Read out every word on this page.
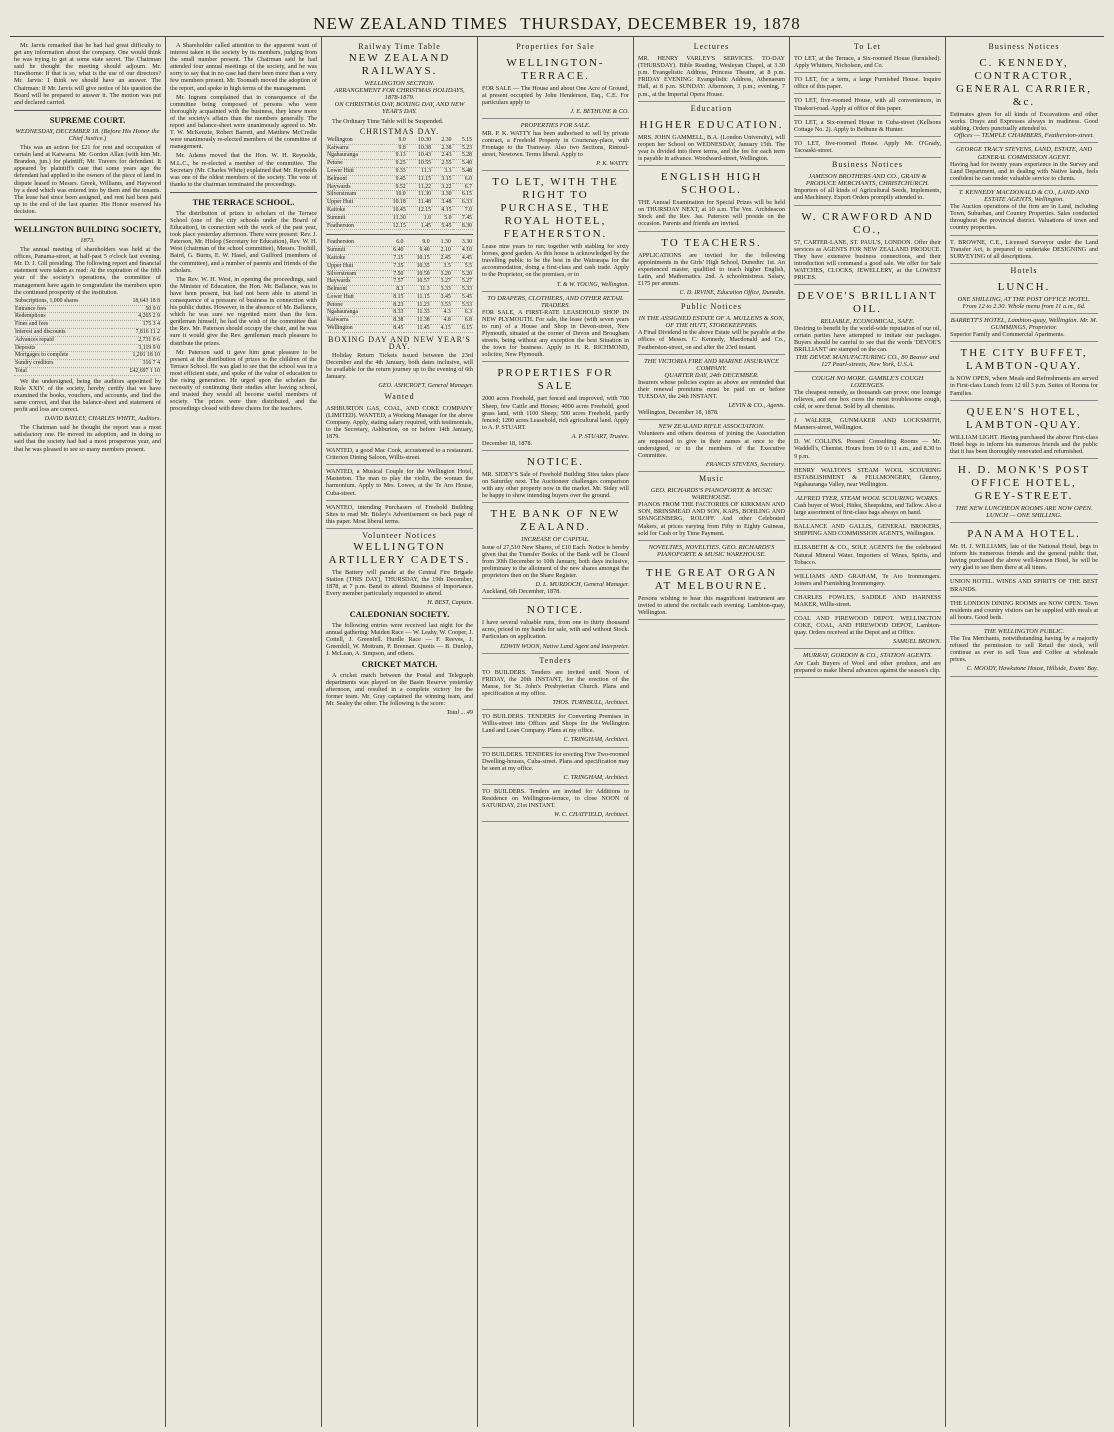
NEW ZEALAND TIMES THURSDAY, DECEMBER 19, 1878
Mr. Jarvis remarked that he had had great difficulty to get any information about the company. One would think he was trying to get at some state secret. The Chairman said he thought the meeting should adjourn. Mr. Hawthorne: If that is so, what is the use of our directors? Mr. Jarvis: I think we should have an answer. The Chairman: If Mr. Jarvis will give notice of his question the Board will be prepared to answer it. The motion was put and declared carried.
SUPREME COURT.
WEDNESDAY, DECEMBER 18. (Before His Honor the Chief Justice.)
This was an action for £21 for rent and occupation of certain land at Kaiwarra. Mr. Gordon Allan (with him Mr. Brandon, jun.) for plaintiff; Mr. Travers for defendant. It appeared by plaintiff's case that some years ago the defendant had applied to the owners of the piece of land in dispute leased to Messrs. Greek, Williams, and Haywood by a deed which was entered into by them and the tenants. The lease had since been assigned, and rent had been paid up to the end of the last quarter. His Honor reserved his decision.
WELLINGTON BUILDING SOCIETY,
1873.
The annual meeting of shareholders was held at the offices, Panama-street, at half-past 5 o'clock last evening. Mr. D. J. Gill presiding. The following report and financial statement were taken as read: At the expiration of the fifth year of the society's operations, the committee of management have again to congratulate the members upon the continued prosperity of the institution.
Subscriptions, 1,000 shares	18,643 18 8
Entrance fees	50 0 0
Redemptions	4,265 2 9
Fines and fees	175 3 4
Interest and discounts	7,816 11 2
Advances repaid	2,731 0 6
Deposits	3,119 9 0
Mortgages to complete	1,201 18 10
Sundry creditors	316 7 4
Total	£42,697 1 10
We the undersigned, being the auditors appointed by Rule XXIV. of the society, hereby certify that we have examined the books, vouchers, and accounts, and find the same correct, and that the balance-sheet and statement of profit and loss are correct.
DAVID BAYLEY, CHARLES WHITE, Auditors.
The Chairman said he thought the report was a most satisfactory one. He moved its adoption, and in doing so said that the society had had a most prosperous year, and that he was pleased to see so many members present.
A Shareholder called attention to the apparent want of interest taken in the society by its members, judging from the small number present. The Chairman said he had attended four annual meetings of the society, and he was sorry to say that in no case had there been more than a very few members present. Mr. Toomath moved the adoption of the report, and spoke in high terms of the management.
Mr. Ingram complained that in consequence of the committee being composed of persons who were thoroughly acquainted with the business, they knew more of the society's affairs than the members generally. The report and balance-sheet were unanimously agreed to. Mr. T. W. McKenzie, Robert Barrett, and Matthew McCredie were unanimously re-elected members of the committee of management.
Mr. Adams moved that the Hon. W. H. Reynolds, M.L.C., be re-elected a member of the committee. The Secretary (Mr. Charles White) explained that Mr. Reynolds was one of the oldest members of the society. The vote of thanks to the chairman terminated the proceedings.
THE TERRACE SCHOOL.
The distribution of prizes to scholars of the Terrace School (one of the city schools under the Board of Education), in connection with the work of the past year, took place yesterday afternoon. There were present: Rev. J. Paterson, Mr. Hislop (Secretary for Education), Rev. W. H. West (chairman of the school committee), Messrs. Toohill, Baird, G. Burns, E. W. Hasel, and Guilford (members of the committee), and a number of parents and friends of the scholars.
The Rev. W. H. West, in opening the proceedings, said the Minister of Education, the Hon. Mr. Ballance, was to have been present, but had not been able to attend in consequence of a pressure of business in connection with his public duties. However, in the absence of Mr. Ballance, which he was sure we regretted more than the hon. gentleman himself, he had the wish of the committee that the Rev. Mr. Paterson should occupy the chair, and he was sure it would give the Rev. gentleman much pleasure to distribute the prizes.
Mr. Paterson said it gave him great pleasure to be present at the distribution of prizes to the children of the Terrace School. He was glad to see that the school was in a most efficient state, and spoke of the value of education to the rising generation. He urged upon the scholars the necessity of continuing their studies after leaving school, and trusted they would all become useful members of society. The prizes were then distributed, and the proceedings closed with three cheers for the teachers.
Railway Time Table
NEW ZEALAND RAILWAYS.
WELLINGTON SECTION.
ARRANGEMENT FOR CHRISTMAS HOLIDAYS, 1878-1879.
ON CHRISTMAS DAY, BOXING DAY, AND NEW YEAR'S DAY.
The Ordinary Time Table will be Suspended.
CHRISTMAS DAY.
Wellington	9.0	10.30	2.30	5.15
Kaiwarra	9.8	10.38	2.38	5.23
Ngahauranga	9.13	10.43	2.43	5.28
Petone	9.25	10.55	2.55	5.40
Lower Hutt	9.33	11.3	3.3	5.48
Belmont	9.45	11.15	3.15	6.0
Haywards	9.52	11.22	3.22	6.7
Silverstream	10.0	11.30	3.30	6.15
Upper Hutt	10.18	11.48	3.48	6.33
Kaitoke	10.45	12.15	4.15	7.0
Summit	11.30	1.0	5.0	7.45
Featherston	12.15	1.45	5.45	8.30
Featherston	6.0	9.0	1.30	3.30
Summit	6.40	9.40	2.10	4.10
Kaitoke	7.15	10.15	2.45	4.45
Upper Hutt	7.35	10.35	3.5	5.5
Silverstream	7.50	10.50	3.20	5.20
Haywards	7.57	10.57	3.27	5.27
Belmont	8.3	11.3	3.33	5.33
Lower Hutt	8.15	11.15	3.45	5.45
Petone	8.23	11.23	3.53	5.53
Ngahauranga	8.33	11.33	4.3	6.3
Kaiwarra	8.38	11.38	4.8	6.8
Wellington	8.45	11.45	4.15	6.15
BOXING DAY AND NEW YEAR'S DAY.
Holiday Return Tickets issued between the 23rd December and the 4th January, both dates inclusive, will be available for the return journey up to the evening of 6th January.
GEO. ASHCROFT, General Manager.
Wanted
ASHBURTON GAS, COAL, AND COKE COMPANY (LIMITED). WANTED, a Working Manager for the above Company. Apply, stating salary required, with testimonials, to the Secretary, Ashburton, on or before 14th January, 1879.
WANTED, a good Mac Cook, accustomed to a restaurant. Criterion Dining Saloon, Willis-street.
WANTED, a Musical Couple for the Wellington Hotel, Masterton. The man to play the violin, the woman the harmonium. Apply to Mrs. Lowes, at the Te Aro House, Cuba-street.
WANTEO, intending Purchasers of Freehold Building Sites to read Mr. Bisley's Advertisement on back page of this paper. Most liberal terms.
Volunteer Notices
WELLINGTON ARTILLERY CADETS.
The Battery will parade at the Central Fire Brigade Station (THIS DAY), THURSDAY, the 19th December, 1878, at 7 p.m. Band to attend. Business of Importance. Every member particularly requested to attend.
H. BEST, Captain.
CALEDONIAN SOCIETY.
The following entries were received last night for the annual gathering: Maiden Race — W. Leahy, W. Cooper, J. Cottell, J. Greenfell. Hurdle Race — F. Reeves, J. Greenfell, W. Mottram, P. Brennan. Quoits — B. Dunlop, J. McLean, A. Simpson, and others.
CRICKET MATCH.
A cricket match between the Postal and Telegraph departments was played on the Basin Reserve yesterday afternoon, and resulted in a complete victory for the former team. Mr. Gray captained the winning team, and Mr. Sealey the other. The following is the score:
Total ... 49
Properties for Sale
WELLINGTON-TERRACE.
FOR SALE — The House and about One Acre of Ground, at present occupied by John Henderson, Esq., C.E. For particulars apply to
J. E. BETHUNE & CO.
PROPERTIES FOR SALE.
MR. P. K. WATTY has been authorised to sell by private contract, a Freehold Property in Courtenay-place, with Frontage to the Tramway. Also two Sections, Rintoul-street, Newtown. Terms liberal. Apply to
P. K. WATTY.
TO LET, WITH THE RIGHT TO PURCHASE, THE ROYAL HOTEL, FEATHERSTON.
Lease nine years to run; together with stabling for sixty horses, good garden. As this house is acknowledged by the travelling public to be the best in the Wairarapa for the accommodation, doing a first-class and cash trade. Apply to the Proprietor, on the premises, or to
T. & W. YOUNG, Wellington.
TO DRAPERS, CLOTHIERS, AND OTHER RETAIL TRADERS.
FOR SALE, A FIRST-RATE LEASEHOLD SHOP IN NEW PLYMOUTH. For sale, the lease (with seven years to run) of a House and Shop in Devon-street, New Plymouth, situated at the corner of Devon and Brougham streets, being without any exception the best Situation in the town for business. Apply to H. R. RICHMOND, solicitor, New Plymouth.
PROPERTIES FOR SALE
2000 acres Freehold, part fenced and improved, with 700 Sheep, few Cattle and Horses; 4000 acres Freehold, good grass land, with 1100 Sheep; 500 acres Freehold, partly fenced; 1200 acres Leasehold, rich agricultural land. Apply to A. P. STUART.
A. P. STUART, Trustee.
December 18, 1878.
NOTICE.
MR. SIDEY'S Sale of Freehold Building Sites takes place on Saturday next. The Auctioneer challenges comparison with any other property now in the market. Mr. Sidey will be happy to show intending buyers over the ground.
THE BANK OF NEW ZEALAND.
INCREASE OF CAPITAL.
Issue of 27,510 New Shares, of £10 Each. Notice is hereby given that the Transfer Books of the Bank will be Closed from 30th December to 10th January, both days inclusive, preliminary to the allotment of the new shares amongst the proprietors then on the Share Register.
D. L. MURDOCH, General Manager.
Auckland, 6th December, 1878.
NOTICE.
I have several valuable runs, from one to thirty thousand acres, priced in my hands for sale, with and without Stock. Particulars on application.
EDWIN WOON, Native Land Agent and Interpreter.
Tenders
TO BUILDERS. Tenders are invited until Noon of FRIDAY, the 20th INSTANT, for the erection of the Manse, for St. John's Presbyterian Church. Plans and specification at my office.
THOS. TURNBULL, Architect.
TO BUILDERS. TENDERS for Converting Premises in Willis-street into Offices and Shops for the Wellington Land and Loan Company. Plans at my office.
C. TRINGHAM, Architect.
TO BUILDERS. TENDERS for erecting Five Two-roomed Dwelling-houses, Cuba-street. Plans and specification may be seen at my office.
C. TRINGHAM, Architect.
TO BUILDERS. Tenders are invited for Additions to Residence on Wellington-terrace, to close NOON of SATURDAY, 21st INSTANT.
W. C. CHATFIELD, Architect.
Lectures
MR. HENRY VARLEY'S SERVICES. TO-DAY (THURSDAY). Bible Reading, Wesleyan Chapel, at 3.30 p.m. Evangelistic Address, Princess Theatre, at 8 p.m. FRIDAY EVENING: Evangelistic Address, Athenaeum Hall, at 8 p.m. SUNDAY: Afternoon, 3 p.m.; evening, 7 p.m., at the Imperial Opera House.
Education
HIGHER EDUCATION.
MRS. JOHN GAMMELL, B.A. (London University), will reopen her School on WEDNESDAY, January 15th. The year is divided into three terms, and the fee for each term is payable in advance. Woodward-street, Wellington.
ENGLISH HIGH SCHOOL.
THE Annual Examination for Special Prizes will be held on THURSDAY NEXT, at 10 a.m. The Ven. Archdeacon Stock and the Rev. Jas. Paterson will preside on the occasion. Parents and friends are invited.
TO TEACHERS.
APPLICATIONS are invited for the following appointments in the Girls' High School, Dunedin: 1st. An experienced master, qualified to teach higher English, Latin, and Mathematics. 2nd. A schoolmistress. Salary, £175 per annum.
C. D. IRVINE, Education Office, Dunedin.
Public Notices
IN THE ASSIGNED ESTATE OF A. MULLENS & SON, OF THE HUTT, STOREKEEPERS.
A Final Dividend in the above Estate will be payable at the offices of Messrs. C. Kennedy, Macdonald and Co., Featherston-street, on and after the 23rd instant.
THE VICTORIA FIRE AND MARINE INSURANCE COMPANY.
QUARTER DAY, 24th DECEMBER.
Insurers whose policies expire as above are reminded that their renewal premiums must be paid on or before TUESDAY, the 24th INSTANT.
LEVIN & CO., Agents.
Wellington, December 18, 1878.
NEW ZEALAND RIFLE ASSOCIATION.
Volunteers and others desirous of joining the Association are requested to give in their names at once to the undersigned, or to the members of the Executive Committee.
FRANCIS STEVENS, Secretary.
Music
GEO. RICHARDS'S PIANOFORTE & MUSIC WAREHOUSE.
PIANOS FROM THE FACTORIES OF KIRKMAN AND SON, BRINSMEAD AND SON, KAPS, BOHLING AND SPANGENBERG, ROLOFF. And other Celebrated Makers, at prices varying from Fifty to Eighty Guineas, sold for Cash or by Time Payment.
NOVELTIES, NOVELTIES. GEO. RICHARDS'S PIANOFORTE & MUSIC WAREHOUSE.
THE GREAT ORGAN AT MELBOURNE.
Persons wishing to hear this magnificent instrument are invited to attend the recitals each evening. Lambton-quay, Wellington.
To Let
TO LET, at the Terrace, a Six-roomed House (furnished). Apply Whitters, Nicholson, and Co.
TO LET, for a term, a large Furnished House. Inquire office of this paper.
TO LET, five-roomed House, with all conveniences, in Tinakori-road. Apply at office of this paper.
TO LET, a Six-roomed House in Cuba-street (Kellsons Cottage No. 2). Apply to Bethune & Hunter.
TO LET, five-roomed House. Apply Mr. O'Grady, Tacoaski-street.
Business Notices
JAMESON BROTHERS AND CO., GRAIN & PRODUCE MERCHANTS, CHRISTCHURCH.
Importers of all kinds of Agricultural Seeds, Implements, and Machinery. Export Orders promptly attended to.
W. CRAWFORD AND CO.,
57, CARTER-LANE, ST. PAUL'S, LONDON. Offer their services as AGENTS FOR NEW ZEALAND PRODUCE. They have extensive business connections, and their introduction will command a good sale. We offer for Sale WATCHES, CLOCKS, JEWELLERY, at the LOWEST PRICES.
DEVOE'S BRILLIANT OIL.
RELIABLE, ECONOMICAL, SAFE.
Desiring to benefit by the world-wide reputation of our oil, certain parties have attempted to imitate our packages. Buyers should be careful to see that the words 'DEVOE'S BRILLIANT' are stamped on the can.
THE DEVOE MANUFACTURING CO., 80 Beaver and 127 Pearl-streets, New York, U.S.A.
COUGH NO MORE. GAMBLE'S COUGH LOZENGES.
The cheapest remedy, as thousands can prove; one lozenge relieves, and one box cures the most troublesome cough, cold, or sore throat. Sold by all chemists.
J. WALKER, GUNMAKER AND LOCKSMITH, Manners-street, Wellington.
D. W. COLLINS. Present Consulting Rooms — Mr. Waddell's, Chemist. Hours from 10 to 11 a.m., and 8.30 to 9 p.m.
HENRY WALTON'S STEAM WOOL SCOURING ESTABLISHMENT & FELLMONGERY, Glenroy, Ngahauranga Valley, near Wellington.
ALFRED TYER, STEAM WOOL SCOURING WORKS.
Cash buyer of Wool, Hides, Sheepskins, and Tallow. Also a large assortment of first-class bags always on hand.
BALLANCE AND GALLIS, GENERAL BROKERS, SHIPPING AND COMMISSION AGENTS, Wellington.
ELISABETH & CO., SOLE AGENTS for the celebrated Natural Mineral Water. Importers of Wines, Spirits, and Tobacco.
WILLIAMS AND GRAHAM, Te Aro Ironmongers. Joiners and Furnishing Ironmongery.
CHARLES FOWLES, SADDLE AND HARNESS MAKER, Willis-street.
COAL AND FIREWOOD DEPOT. WELLINGTON COKE, COAL, AND FIREWOOD DEPOT, Lambton-quay. Orders received at the Depot and at Office.
SAMUEL BROWN.
MURRAY, GORDON & CO., STATION AGENTS.
Are Cash Buyers of Wool and other produce, and are prepared to make liberal advances against the season's clip.
Business Notices
C. KENNEDY, CONTRACTOR, GENERAL CARRIER, &c.
Estimates given for all kinds of Excavations and other works. Drays and Expresses always in readiness. Good stabling. Orders punctually attended to.
Offices — TEMPLE CHAMBERS, Featherston-street.
GEORGE TRACY STEVENS, LAND, ESTATE, AND GENERAL COMMISSION AGENT.
Having had for twenty years experience in the Survey and Land Department, and in dealing with Native lands, feels confident he can render valuable service to clients.
T. KENNEDY MACDONALD & CO., LAND AND ESTATE AGENTS, Wellington.
The Auction operations of the firm are in Land, including Town, Suburban, and Country Properties. Sales conducted throughout the provincial district. Valuations of town and country properties.
T. BROWNE, C.E., Licensed Surveyor under the Land Transfer Act, is prepared to undertake DESIGNING and SURVEYING of all descriptions.
Hotels
LUNCH.
ONE SHILLING, AT THE POST OFFICE HOTEL. From 12 to 2.30. Whole menu from 11 a.m., 6d.
BARRETT'S HOTEL, Lambton-quay, Wellington. Mr. M. GUMMINGS, Proprietor.
Superior Family and Commercial Apartments.
THE CITY BUFFET, LAMBTON-QUAY.
Is NOW OPEN, where Meals and Refreshments are served in First-class Lunch from 12 till 3 p.m. Suites of Rooms for Families.
QUEEN'S HOTEL, LAMBTON-QUAY.
WILLIAM LIGHT. Having purchased the above First-class Hotel begs to inform his numerous friends and the public that it has been thoroughly renovated and refurnished.
H. D. MONK'S POST OFFICE HOTEL, GREY-STREET.
THE NEW LUNCHEON ROOMS ARE NOW OPEN. LUNCH — ONE SHILLING.
PANAMA HOTEL.
Mr. H. J. WILLIAMS, late of the National Hotel, begs to inform his numerous friends and the general public that, having purchased the above well-known Hotel, he will be very glad to see them there at all times.
UNION HOTEL. WINES AND SPIRITS OF THE BEST BRANDS.
THE LONDON DINING ROOMS are NOW OPEN. Town residents and country visitors can be supplied with meals at all hours. Good beds.
THE WELLINGTON PUBLIC.
The Tea Merchants, notwithstanding having by a majority refused the permission to sell Retail the stock, will continue as ever to sell Teas and Coffee at wholesale prices.
C. MOODY, Hawkstone House, Hillside, Evans' Bay.
